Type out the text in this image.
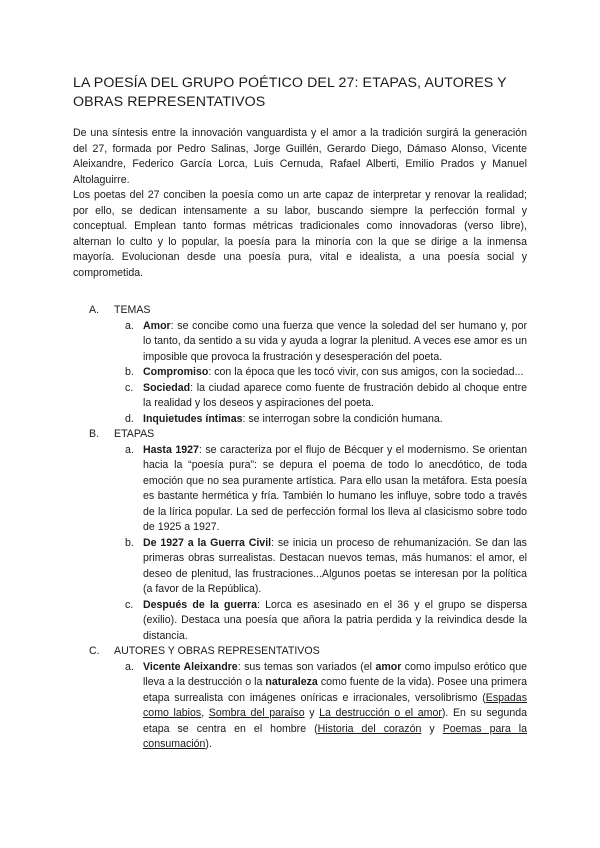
LA POESÍA DEL GRUPO POÉTICO DEL 27: ETAPAS, AUTORES Y OBRAS REPRESENTATIVOS

De una síntesis entre la innovación vanguardista y el amor a la tradición surgirá la generación del 27, formada por Pedro Salinas, Jorge Guillén, Gerardo Diego, Dámaso Alonso, Vicente Aleixandre, Federico García Lorca, Luis Cernuda, Rafael Alberti, Emilio Prados y Manuel Altolaguirre.

Los poetas del 27 conciben la poesía como un arte capaz de interpretar y renovar la realidad; por ello, se dedican intensamente a su labor, buscando siempre la perfección formal y conceptual. Emplean tanto formas métricas tradicionales como innovadoras (verso libre), alternan lo culto y lo popular, la poesía para la minoría con la que se dirige a la inmensa mayoría. Evolucionan desde una poesía pura, vital e idealista, a una poesía social y comprometida.

A.	TEMAS
a. Amor: se concibe como una fuerza que vence la soledad del ser humano y, por lo tanto, da sentido a su vida y ayuda a lograr la plenitud. A veces ese amor es un imposible que provoca la frustración y desesperación del poeta.
b. Compromiso: con la época que les tocó vivir, con sus amigos, con la sociedad...
c. Sociedad: la ciudad aparece como fuente de frustración debido al choque entre la realidad y los deseos y aspiraciones del poeta.
d. Inquietudes íntimas: se interrogan sobre la condición humana.
B.	ETAPAS
a. Hasta 1927: se caracteriza por el flujo de Bécquer y el modernismo. Se orientan hacia la “poesía pura”: se depura el poema de todo lo anecdótico, de toda emoción que no sea puramente artística. Para ello usan la metáfora. Esta poesía es bastante hermética y fría. También lo humano les influye, sobre todo a través de la lírica popular. La sed de perfección formal los lleva al clasicismo sobre todo de 1925 a 1927.
b. De 1927 a la Guerra Civil: se inicia un proceso de rehumanización. Se dan las primeras obras surrealistas. Destacan nuevos temas, más humanos: el amor, el deseo de plenitud, las frustraciones...Algunos poetas se interesan por la política (a favor de la República).
c. Después de la guerra: Lorca es asesinado en el 36 y el grupo se dispersa (exilio). Destaca una poesía que añora la patria perdida y la reivindica desde la distancia.
C.	AUTORES Y OBRAS REPRESENTATIVOS
a. Vicente Aleixandre: sus temas son variados (el amor como impulso erótico que lleva a la destrucción o la naturaleza como fuente de la vida). Posee una primera etapa surrealista con imágenes oníricas e irracionales, versolibrismo (Espadas como labios, Sombra del paraíso y La destrucción o el amor). En su segunda etapa se centra en el hombre (Historia del corazón y Poemas para la consumación).
